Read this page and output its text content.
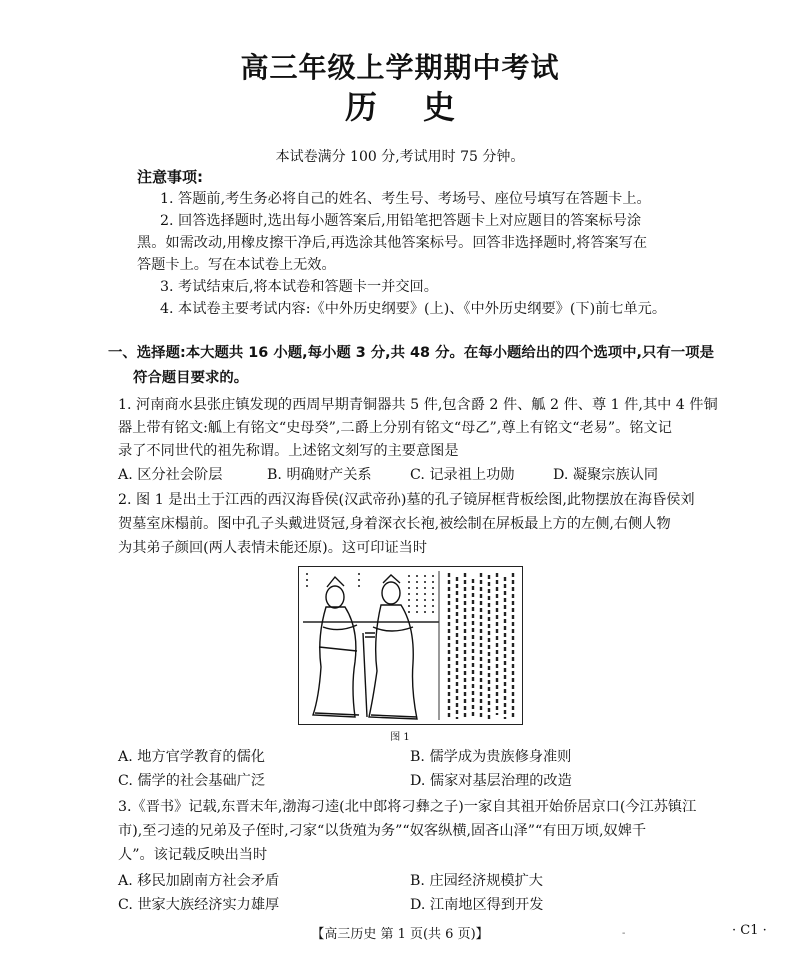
高三年级上学期期中考试
历史
本试卷满分 100 分,考试用时 75 分钟。
注意事项:
1. 答题前,考生务必将自己的姓名、考生号、考场号、座位号填写在答题卡上。
2. 回答选择题时,选出每小题答案后,用铅笔把答题卡上对应题目的答案标号涂
黑。如需改动,用橡皮擦干净后,再选涂其他答案标号。回答非选择题时,将答案写在
答题卡上。写在本试卷上无效。
3. 考试结束后,将本试卷和答题卡一并交回。
4. 本试卷主要考试内容:《中外历史纲要》(上)、《中外历史纲要》(下)前七单元。
一、选择题:本大题共 16 小题,每小题 3 分,共 48 分。在每小题给出的四个选项中,只有一项是
符合题目要求的。
1. 河南商水县张庄镇发现的西周早期青铜器共 5 件,包含爵 2 件、觚 2 件、尊 1 件,其中 4 件铜
器上带有铭文:觚上有铭文“史母癸”,二爵上分别有铭文“母乙”,尊上有铭文“老易”。铭文记
录了不同世代的祖先称谓。上述铭文刻写的主要意图是
A. 区分社会阶层	B. 明确财产关系	C. 记录祖上功勋	D. 凝聚宗族认同
2. 图 1 是出土于江西的西汉海昏侯(汉武帝孙)墓的孔子镜屏框背板绘图,此物摆放在海昏侯刘
贺墓室床榻前。图中孔子头戴进贤冠,身着深衣长袍,被绘制在屏板最上方的左侧,右侧人物
为其弟子颜回(两人表情未能还原)。这可印证当时
图 1
A. 地方官学教育的儒化	B. 儒学成为贵族修身准则
C. 儒学的社会基础广泛	D. 儒家对基层治理的改造
3.《晋书》记载,东晋末年,渤海刁逵(北中郎将刁彝之子)一家自其祖开始侨居京口(今江苏镇江
市),至刁逵的兄弟及子侄时,刁家“以货殖为务”“奴客纵横,固吝山泽”“有田万顷,奴婢千
人”。该记载反映出当时
A. 移民加剧南方社会矛盾	B. 庄园经济规模扩大
C. 世家大族经济实力雄厚	D. 江南地区得到开发
【高三历史 第 1 页(共 6 页)】	-	· C1 ·
